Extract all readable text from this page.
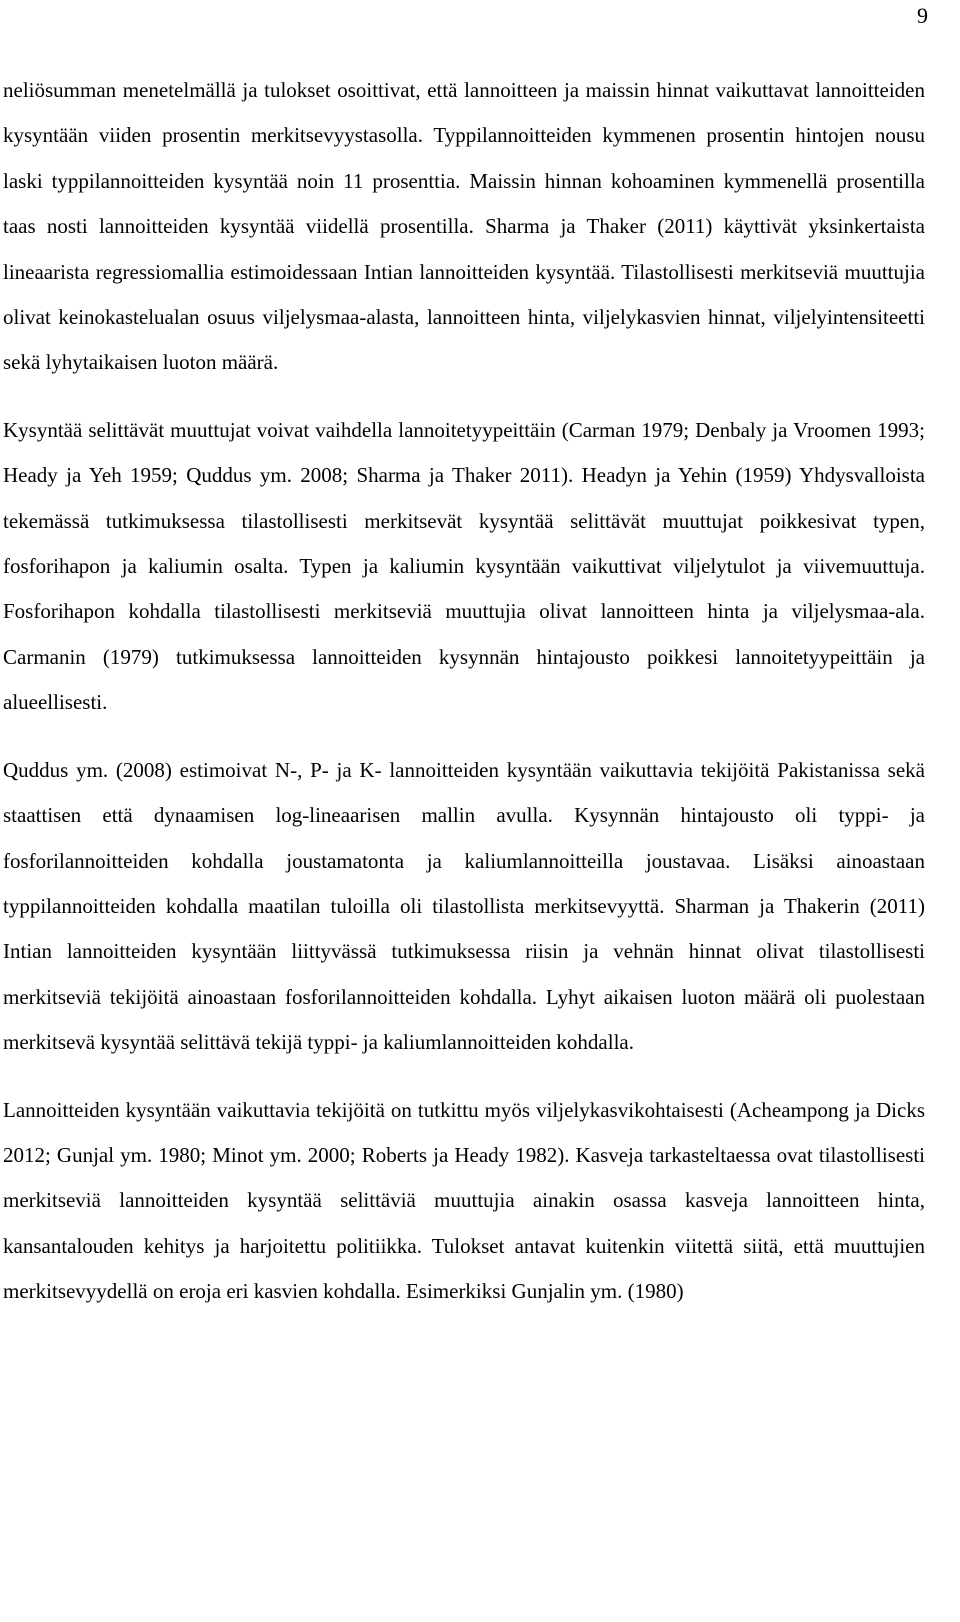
9

neliösumman menetelmällä ja tulokset osoittivat, että lannoitteen ja maissin hinnat vaikuttavat lannoitteiden kysyntään viiden prosentin merkitsevyystasolla. Typpilannoitteiden kymmenen prosentin hintojen nousu laski typpilannoitteiden kysyntää noin 11 prosenttia. Maissin hinnan kohoaminen kymmenellä prosentilla taas nosti lannoitteiden kysyntää viidellä prosentilla. Sharma ja Thaker (2011) käyttivät yksinkertaista lineaarista regressiomallia estimoidessaan Intian lannoitteiden kysyntää. Tilastollisesti merkitseviä muuttujia olivat keinokastelualan osuus viljelysmaa-alasta, lannoitteen hinta, viljelykasvien hinnat, viljelyintensiteetti sekä lyhytaikaisen luoton määrä.

Kysyntää selittävät muuttujat voivat vaihdella lannoitetyypeittäin (Carman 1979; Denbaly ja Vroomen 1993; Heady ja Yeh 1959; Quddus ym. 2008; Sharma ja Thaker 2011). Headyn ja Yehin (1959) Yhdysvalloista tekemässä tutkimuksessa tilastollisesti merkitsevät kysyntää selittävät muuttujat poikkesivat typen, fosforihapon ja kaliumin osalta. Typen ja kaliumin kysyntään vaikuttivat viljelytulot ja viivemuuttuja. Fosforihapon kohdalla tilastollisesti merkitseviä muuttujia olivat lannoitteen hinta ja viljelysmaa-ala. Carmanin (1979) tutkimuksessa lannoitteiden kysynnän hintajousto poikkesi lannoitetyypeittäin ja alueellisesti.

Quddus ym. (2008) estimoivat N-, P- ja K- lannoitteiden kysyntään vaikuttavia tekijöitä Pakistanissa sekä staattisen että dynaamisen log-lineaarisen mallin avulla. Kysynnän hintajousto oli typpi- ja fosforilannoitteiden kohdalla joustamatonta ja kaliumlannoitteilla joustavaa. Lisäksi ainoastaan typpilannoitteiden kohdalla maatilan tuloilla oli tilastollista merkitsevyyttä. Sharman ja Thakerin (2011) Intian lannoitteiden kysyntään liittyvässä tutkimuksessa riisin ja vehnän hinnat olivat tilastollisesti merkitseviä tekijöitä ainoastaan fosforilannoitteiden kohdalla. Lyhyt aikaisen luoton määrä oli puolestaan merkitsevä kysyntää selittävä tekijä typpi- ja kaliumlannoitteiden kohdalla.

Lannoitteiden kysyntään vaikuttavia tekijöitä on tutkittu myös viljelykasvikohtaisesti (Acheampong ja Dicks 2012; Gunjal ym. 1980; Minot ym. 2000; Roberts ja Heady 1982). Kasveja tarkasteltaessa ovat tilastollisesti merkitseviä lannoitteiden kysyntää selittäviä muuttujia ainakin osassa kasveja lannoitteen hinta, kansantalouden kehitys ja harjoitettu politiikka. Tulokset antavat kuitenkin viitettä siitä, että muuttujien merkitsevyydellä on eroja eri kasvien kohdalla. Esimerkiksi Gunjalin ym. (1980)
